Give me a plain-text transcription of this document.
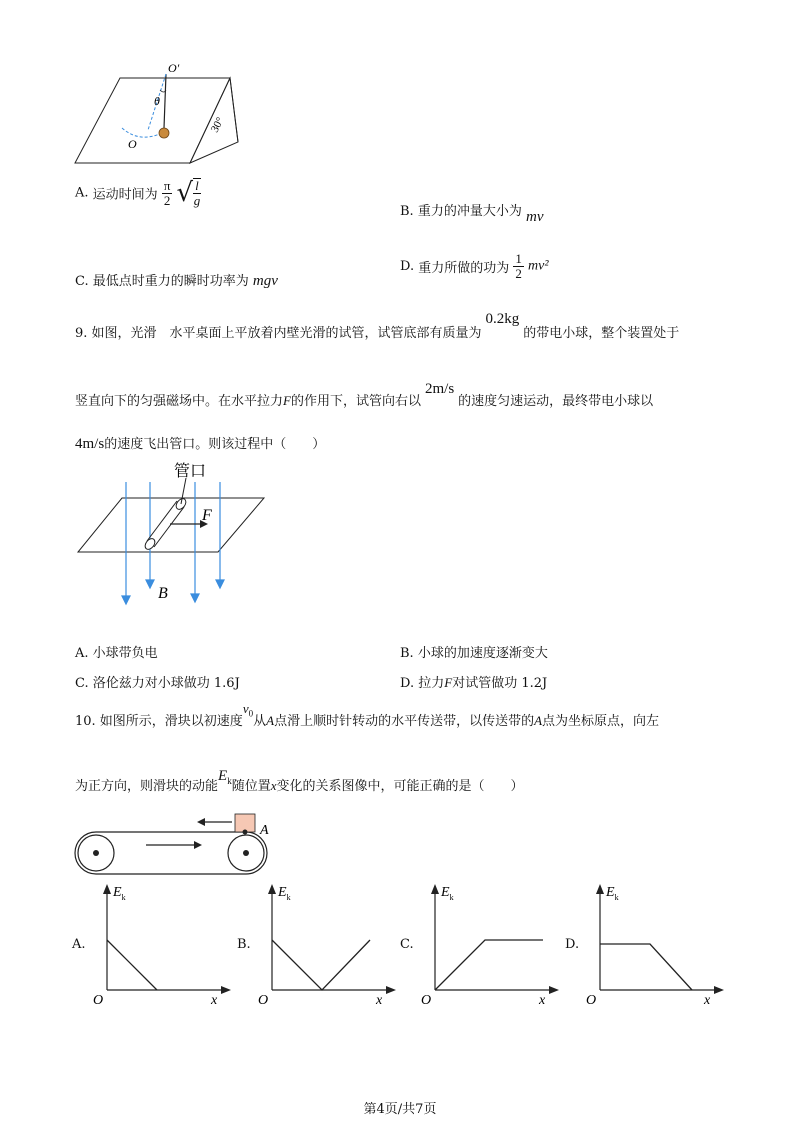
O′
θ
O
30°
A. 运动时间为 $\frac{\pi}{2}$ √ $\frac{l}{g}$
B. 重力的冲量大小为 mv
C. 最低点时重力的瞬时功率为 mgv
D. 重力所做的功为 $\frac{1}{2} mv^2$
9. 如图，光滑　水平桌面上平放着内壁光滑的试管，试管底部有质量为0.2kg的带电小球，整个装置处于
竖直向下的匀强磁场中。在水平拉力F的作用下，试管向右以2m/s的速度匀速运动，最终带电小球以
4m/s的速度飞出管口。则该过程中（　　）
管口
F
B
A. 小球带负电	B. 小球的加速度逐渐变大
C. 洛伦兹力对小球做功 1.6J	D. 拉力F对试管做功 1.2J
10. 如图所示，滑块以初速度$v_0$从A点滑上顺时针转动的水平传送带，以传送带的A点为坐标原点，向左
为正方向，则滑块的动能$E_k$随位置x变化的关系图像中，可能正确的是（　　）
A
A.
$E_k$
O	x
B.
$E_k$
O	x
C.
$E_k$
O	x
D.
$E_k$
O	x
第4页/共7页
